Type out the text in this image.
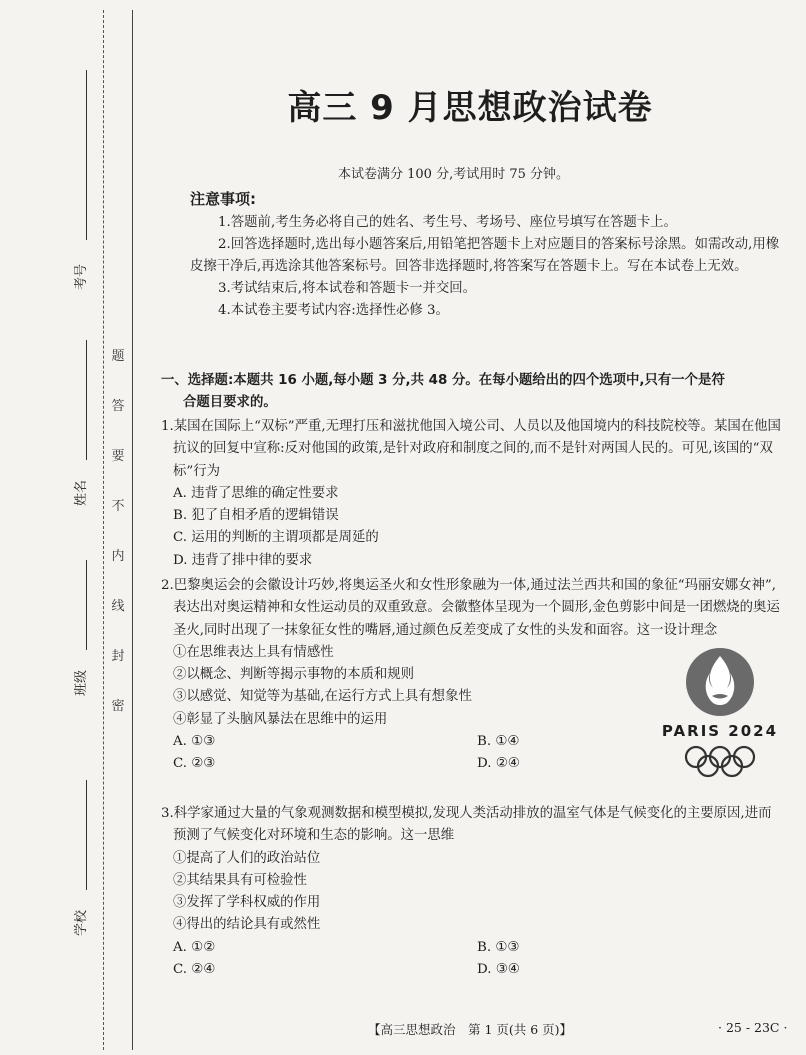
考号
姓名
班级
学校
题
答
要
不
内
线
封
密
高三 9 月思想政治试卷
本试卷满分 100 分,考试用时 75 分钟。
注意事项:

1.答题前,考生务必将自己的姓名、考生号、考场号、座位号填写在答题卡上。

2.回答选择题时,选出每小题答案后,用铅笔把答题卡上对应题目的答案标号涂黑。如需改动,用橡皮擦干净后,再选涂其他答案标号。回答非选择题时,将答案写在答题卡上。写在本试卷上无效。

3.考试结束后,将本试卷和答题卡一并交回。

4.本试卷主要考试内容:选择性必修 3。

一、选择题:本题共 16 小题,每小题 3 分,共 48 分。在每小题给出的四个选项中,只有一个是符

合题目要求的。

1.某国在国际上“双标”严重,无理打压和滋扰他国入境公司、人员以及他国境内的科技院校等。某国在他国抗议的回复中宣称:反对他国的政策,是针对政府和制度之间的,而不是针对两国人民的。可见,该国的“双标”行为

A. 违背了思维的确定性要求

B. 犯了自相矛盾的逻辑错误

C. 运用的判断的主谓项都是周延的

D. 违背了排中律的要求

2.巴黎奥运会的会徽设计巧妙,将奥运圣火和女性形象融为一体,通过法兰西共和国的象征“玛丽安娜女神”,表达出对奥运精神和女性运动员的双重致意。会徽整体呈现为一个圆形,金色剪影中间是一团燃烧的奥运圣火,同时出现了一抹象征女性的嘴唇,通过颜色反差变成了女性的头发和面容。这一设计理念

①在思维表达上具有情感性

②以概念、判断等揭示事物的本质和规则

③以感觉、知觉等为基础,在运行方式上具有想象性

④彰显了头脑风暴法在思维中的运用

A. ①③	B. ①④
C. ②③	D. ②④
PARIS 2024

3.科学家通过大量的气象观测数据和模型模拟,发现人类活动排放的温室气体是气候变化的主要原因,进而预测了气候变化对环境和生态的影响。这一思维

①提高了人们的政治站位

②其结果具有可检验性

③发挥了学科权威的作用

④得出的结论具有或然性

A. ①②	B. ①③
C. ②④	D. ③④
【高三思想政治　第 1 页(共 6 页)】	· 25 - 23C ·
